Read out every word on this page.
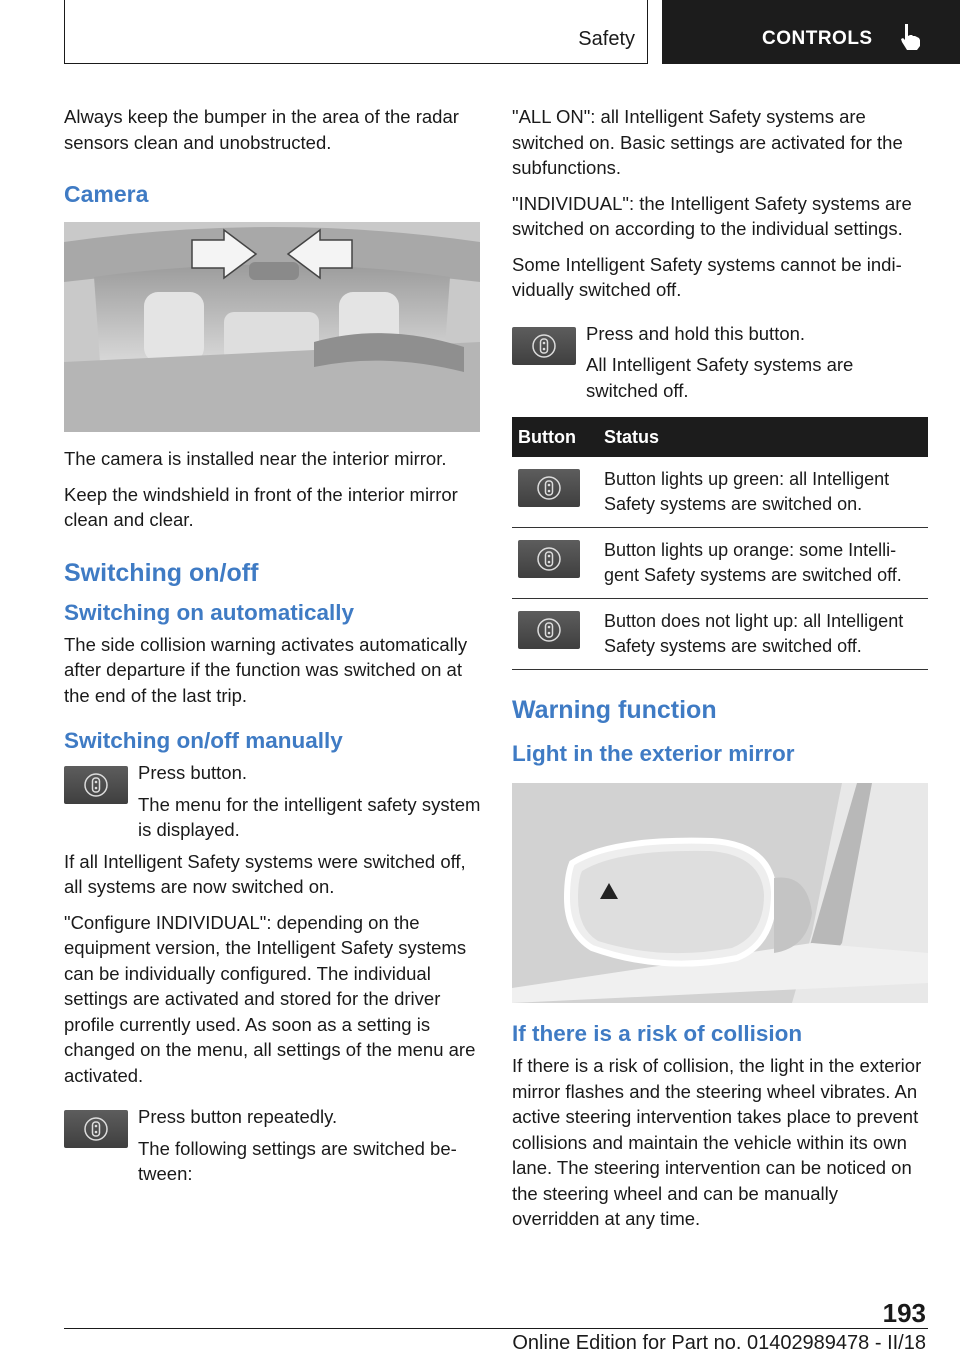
Safety	CONTROLS

Always keep the bumper in the area of the radar sensors clean and unobstructed.

Camera

The camera is installed near the interior mirror.

Keep the windshield in front of the interior mirror clean and clear.

Switching on/off
Switching on automatically

The side collision warning activates automatically after departure if the function was switched on at the end of the last trip.

Switching on/off manually

Press button.

The menu for the intelligent safety system is displayed.

If all Intelligent Safety systems were switched off, all systems are now switched on.

"Configure INDIVIDUAL": depending on the equipment version, the Intelligent Safety systems can be individually configured. The individual settings are activated and stored for the driver profile currently used. As soon as a setting is changed on the menu, all settings of the menu are activated.

Press button repeatedly.

The following settings are switched between:

"ALL ON": all Intelligent Safety systems are switched on. Basic settings are activated for the subfunctions.

"INDIVIDUAL": the Intelligent Safety systems are switched on according to the individual settings.

Some Intelligent Safety systems cannot be individually switched off.

Press and hold this button.

All Intelligent Safety systems are switched off.

Button	Status

	Button lights up green: all Intelligent Safety systems are switched on.

	Button lights up orange: some Intelligent Safety systems are switched off.

	Button does not light up: all Intelligent Safety systems are switched off.
Warning function
Light in the exterior mirror
If there is a risk of collision

If there is a risk of collision, the light in the exterior mirror flashes and the steering wheel vibrates. An active steering intervention takes place to prevent collisions and maintain the vehicle within its own lane. The steering intervention can be noticed on the steering wheel and can be manually overridden at any time.

193
Online Edition for Part no. 01402989478 - II/18
